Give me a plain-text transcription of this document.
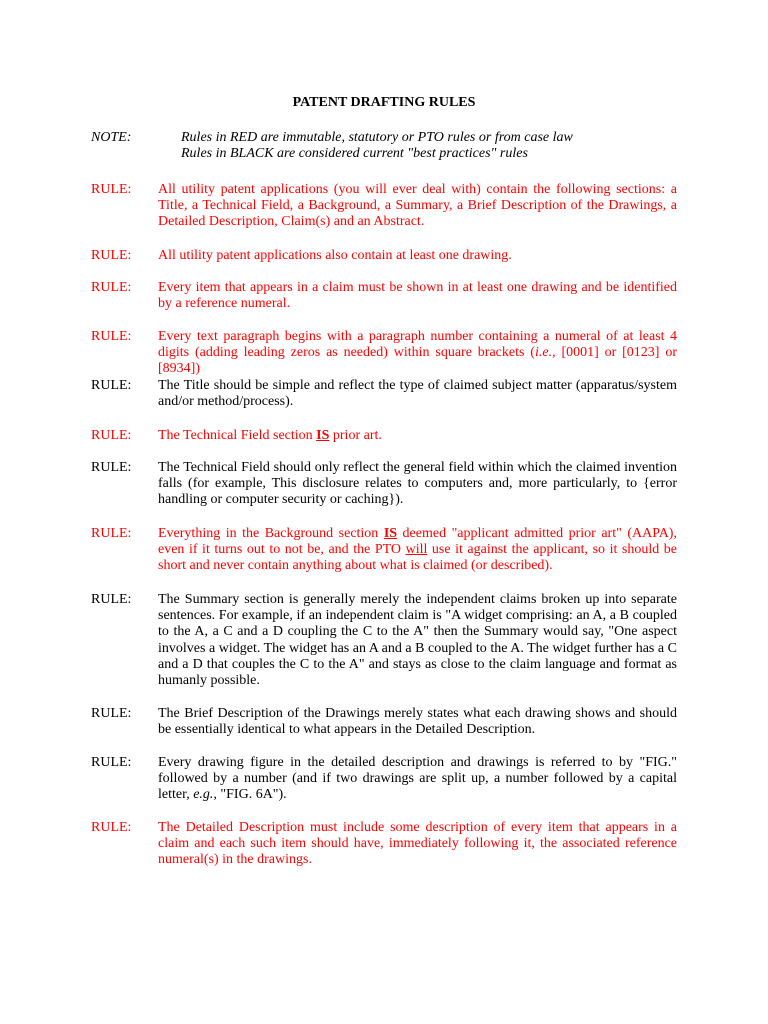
PATENT DRAFTING RULES
NOTE:	Rules in RED are immutable, statutory or PTO rules or from case law
Rules in BLACK are considered current "best practices" rules
RULE:	All utility patent applications (you will ever deal with) contain the following sections: a Title, a Technical Field, a Background, a Summary, a Brief Description of the Drawings, a Detailed Description, Claim(s) and an Abstract.
RULE:	All utility patent applications also contain at least one drawing.
RULE:	Every item that appears in a claim must be shown in at least one drawing and be identified by a reference numeral.
RULE:	Every text paragraph begins with a paragraph number containing a numeral of at least 4 digits (adding leading zeros as needed) within square brackets (i.e., [0001] or [0123] or [8934])
RULE:	The Title should be simple and reflect the type of claimed subject matter (apparatus/system and/or method/process).
RULE:	The Technical Field section IS prior art.
RULE:	The Technical Field should only reflect the general field within which the claimed invention falls (for example, This disclosure relates to computers and, more particularly, to {error handling or computer security or caching}).
RULE:	Everything in the Background section IS deemed "applicant admitted prior art" (AAPA), even if it turns out to not be, and the PTO will use it against the applicant, so it should be short and never contain anything about what is claimed (or described).
RULE:	The Summary section is generally merely the independent claims broken up into separate sentences. For example, if an independent claim is "A widget comprising: an A, a B coupled to the A, a C and a D coupling the C to the A" then the Summary would say, "One aspect involves a widget. The widget has an A and a B coupled to the A. The widget further has a C and a D that couples the C to the A" and stays as close to the claim language and format as humanly possible.
RULE:	The Brief Description of the Drawings merely states what each drawing shows and should be essentially identical to what appears in the Detailed Description.
RULE:	Every drawing figure in the detailed description and drawings is referred to by "FIG." followed by a number (and if two drawings are split up, a number followed by a capital letter, e.g., "FIG. 6A").
RULE:	The Detailed Description must include some description of every item that appears in a claim and each such item should have, immediately following it, the associated reference numeral(s) in the drawings.
